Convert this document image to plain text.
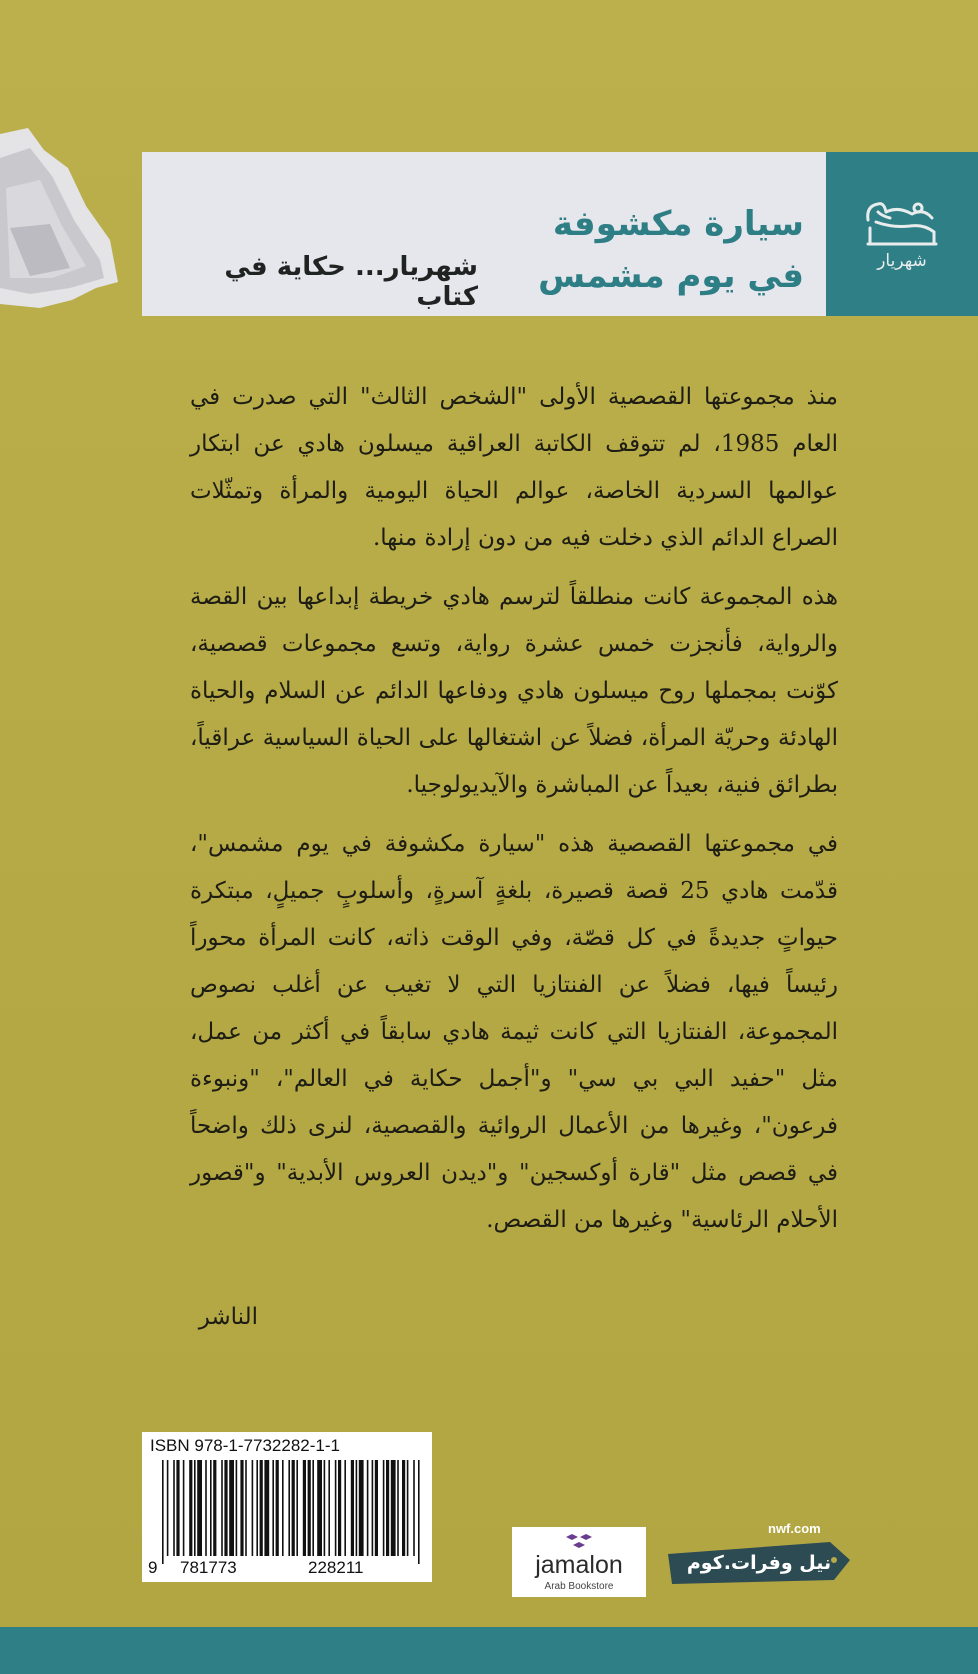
سيارة مكشوفة
في يوم مشمس
شهريار... حكاية في كتاب
شهريار

منذ مجموعتها القصصية الأولى "الشخص الثالث" التي صدرت في العام 1985، لم تتوقف الكاتبة العراقية ميسلون هادي عن ابتكار عوالمها السردية الخاصة، عوالم الحياة اليومية والمرأة وتمثّلات الصراع الدائم الذي دخلت فيه من دون إرادة منها.

هذه المجموعة كانت منطلقاً لترسم هادي خريطة إبداعها بين القصة والرواية، فأنجزت خمس عشرة رواية، وتسع مجموعات قصصية، كوّنت بمجملها روح ميسلون هادي ودفاعها الدائم عن السلام والحياة الهادئة وحريّة المرأة، فضلاً عن اشتغالها على الحياة السياسية عراقياً، بطرائق فنية، بعيداً عن المباشرة والآيديولوجيا.

في مجموعتها القصصية هذه "سيارة مكشوفة في يوم مشمس"، قدّمت هادي 25 قصة قصيرة، بلغةٍ آسرةٍ، وأسلوبٍ جميلٍ، مبتكرة حيواتٍ جديدةً في كل قصّة، وفي الوقت ذاته، كانت المرأة محوراً رئيساً فيها، فضلاً عن الفنتازيا التي لا تغيب عن أغلب نصوص المجموعة، الفنتازيا التي كانت ثيمة هادي سابقاً في أكثر من عمل، مثل "حفيد البي بي سي" و"أجمل حكاية في العالم"، "ونبوءة فرعون"، وغيرها من الأعمال الروائية والقصصية، لنرى ذلك واضحاً في قصص مثل "قارة أوكسجين" و"ديدن العروس الأبدية" و"قصور الأحلام الرئاسية" وغيرها من القصص.

الناشر
ISBN 978-1-7732282-1-1
9 781773	228211	jamalon
Arab Bookstore
nwf.com
نيل وفرات.كوم
